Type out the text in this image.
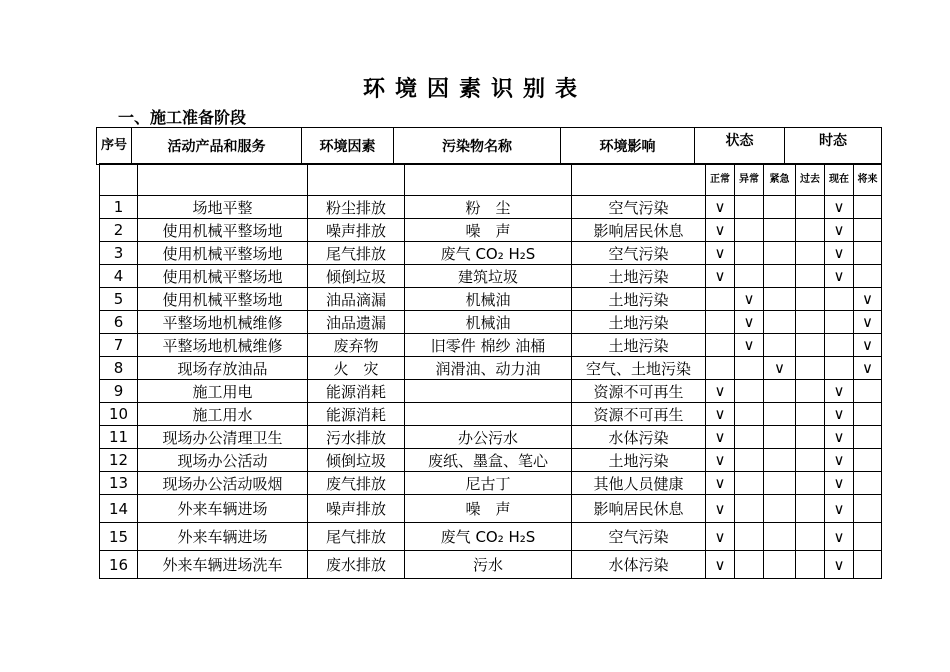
环境因素识别表
一、施工准备阶段
序号	活动产品和服务	环境因素	污染物名称	环境影响	状态	时态
					正常	异常	紧急	过去	现在	将来
1	场地平整	粉尘排放	粉　尘	空气污染	∨				∨	
2	使用机械平整场地	噪声排放	噪　声	影响居民休息	∨				∨	
3	使用机械平整场地	尾气排放	废气 CO₂ H₂S	空气污染	∨				∨	
4	使用机械平整场地	倾倒垃圾	建筑垃圾	土地污染	∨				∨	
5	使用机械平整场地	油品滴漏	机械油	土地污染		∨				∨
6	平整场地机械维修	油品遗漏	机械油	土地污染		∨				∨
7	平整场地机械维修	废弃物	旧零件 棉纱 油桶	土地污染		∨				∨
8	现场存放油品	火　灾	润滑油、动力油	空气、土地污染			∨			∨
9	施工用电	能源消耗		资源不可再生	∨				∨	
10	施工用水	能源消耗		资源不可再生	∨				∨	
11	现场办公清理卫生	污水排放	办公污水	水体污染	∨				∨	
12	现场办公活动	倾倒垃圾	废纸、墨盒、笔心	土地污染	∨				∨	
13	现场办公活动吸烟	废气排放	尼古丁	其他人员健康	∨				∨	
14	外来车辆进场	噪声排放	噪　声	影响居民休息	∨				∨	
15	外来车辆进场	尾气排放	废气 CO₂ H₂S	空气污染	∨				∨	
16	外来车辆进场洗车	废水排放	污水	水体污染	∨				∨	
